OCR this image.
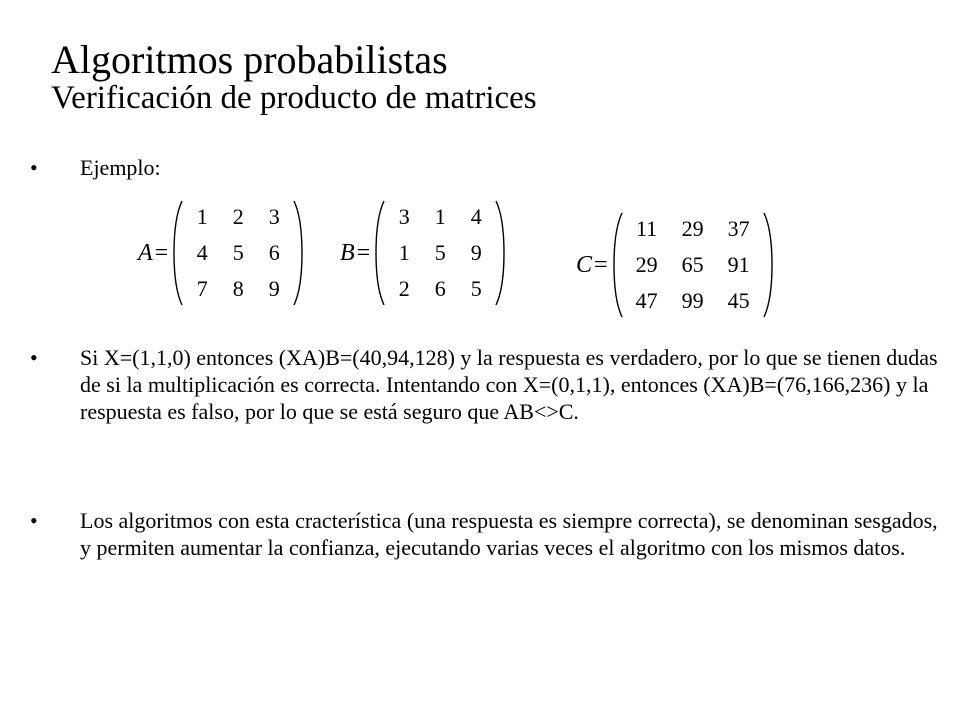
Algoritmos probabilistas
Verificación de producto de matrices
• Ejemplo:

A =
1	2	3
4	5	6
7	8	9
B =
3	1	4
1	5	9
2	6	5
C =
11	29	37
29	65	91
47	99	45
• Si X=(1,1,0) entonces (XA)B=(40,94,128) y la respuesta es verdadero, por lo que se tienen dudas de si la multiplicación es correcta. Intentando con X=(0,1,1), entonces (XA)B=(76,166,236) y la respuesta es falso, por lo que se está seguro que AB<>C.

• Los algoritmos con esta cracterística (una respuesta es siempre correcta), se denominan sesgados, y permiten aumentar la confianza, ejecutando varias veces el algoritmo con los mismos datos.
